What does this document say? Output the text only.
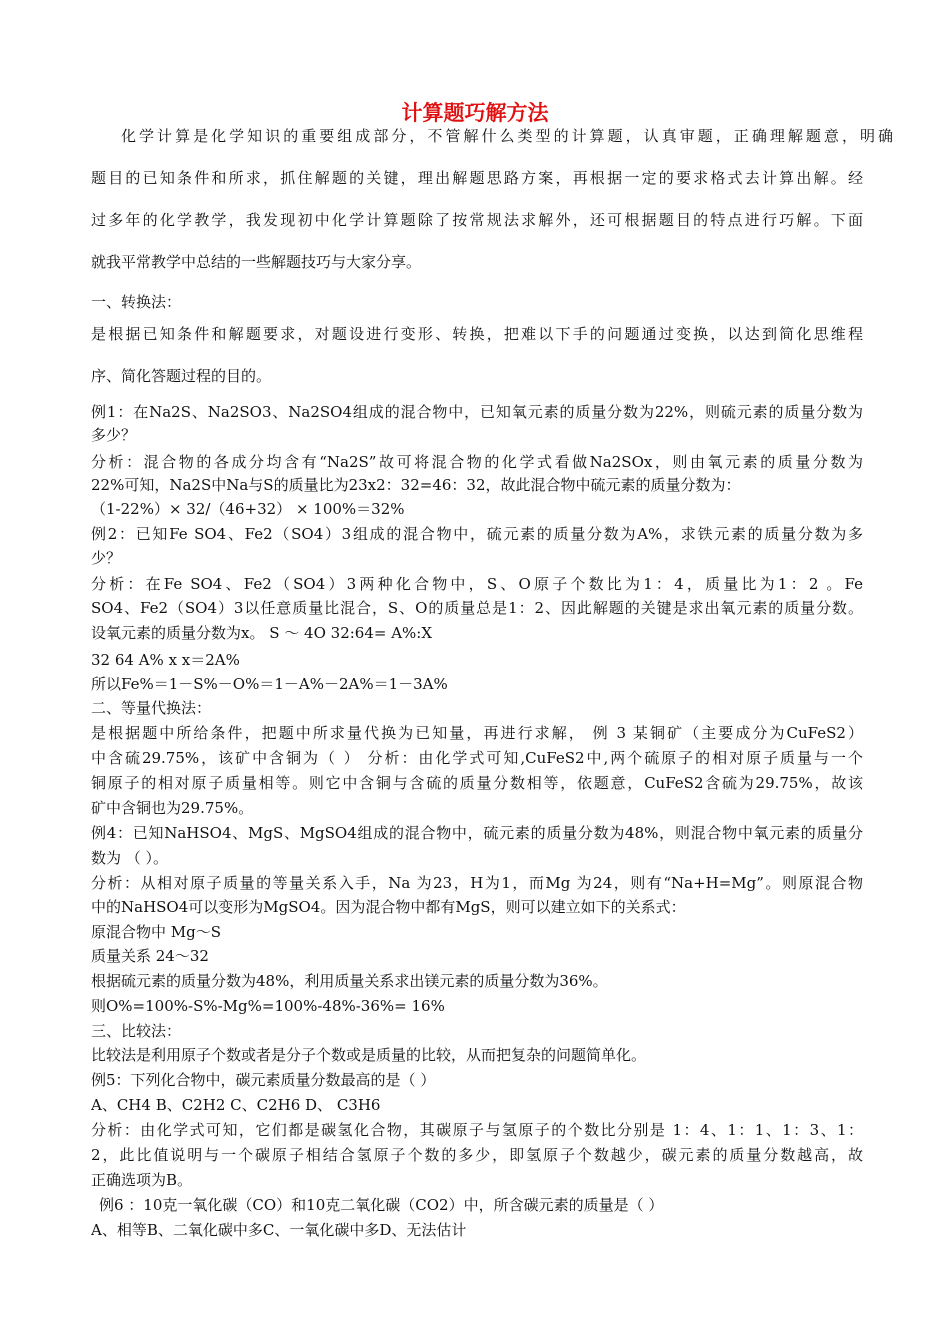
计算题巧解方法
化学计算是化学知识的重要组成部分，不管解什么类型的计算题，认真审题，正确理解题意，明确
题目的已知条件和所求，抓住解题的关键，理出解题思路方案，再根据一定的要求格式去计算出解。经
过多年的化学教学，我发现初中化学计算题除了按常规法求解外，还可根据题目的特点进行巧解。下面
就我平常教学中总结的一些解题技巧与大家分享。
一、转换法：
是根据已知条件和解题要求，对题设进行变形、转换，把难以下手的问题通过变换，以达到简化思维程
序、简化答题过程的目的。
例1：在Na2S、Na2SO3、Na2SO4组成的混合物中，已知氧元素的质量分数为22%，则硫元素的质量分数为
多少？
分析：混合物的各成分均含有“Na2S”故可将混合物的化学式看做Na2SOx，则由氧元素的质量分数为
22%可知，Na2S中Na与S的质量比为23x2：32=46：32，故此混合物中硫元素的质量分数为：
（1-22%）× 32/（46+32） × 100%＝32%
例2：已知Fe SO4、Fe2（SO4）3组成的混合物中，硫元素的质量分数为A%，求铁元素的质量分数为多
少？
分析：在Fe SO4、Fe2（SO4）3两种化合物中，S、O原子个数比为1：4，质量比为1：2 。Fe
SO4、Fe2（SO4）3以任意质量比混合，S、O的质量总是1：2、因此解题的关键是求出氧元素的质量分数。
设氧元素的质量分数为x。 S ～ 4O 32:64= A%:X
32 64 A% x x＝2A%
所以Fe%＝1－S%－O%＝1－A%－2A%＝1－3A%
二、等量代换法：
是根据题中所给条件，把题中所求量代换为已知量，再进行求解， 例 3 某铜矿（主要成分为CuFeS2）
中含硫29.75%，该矿中含铜为（ ） 分析：由化学式可知,CuFeS2中,两个硫原子的相对原子质量与一个
铜原子的相对原子质量相等。则它中含铜与含硫的质量分数相等，依题意，CuFeS2含硫为29.75%，故该
矿中含铜也为29.75%。
例4：已知NaHSO4、MgS、MgSO4组成的混合物中，硫元素的质量分数为48%，则混合物中氧元素的质量分
数为 （ ）。
分析：从相对原子质量的等量关系入手，Na 为23，H为1，而Mg 为24，则有“Na+H=Mg”。则原混合物
中的NaHSO4可以变形为MgSO4。因为混合物中都有MgS，则可以建立如下的关系式：
原混合物中 Mg～S
质量关系 24～32
根据硫元素的质量分数为48%，利用质量关系求出镁元素的质量分数为36%。
则O%=100%-S%-Mg%=100%-48%-36%= 16%
三、比较法：
比较法是利用原子个数或者是分子个数或是质量的比较，从而把复杂的问题简单化。
例5：下列化合物中，碳元素质量分数最高的是（ ）
A、CH4 B、C2H2 C、C2H6 D、 C3H6
分析：由化学式可知，它们都是碳氢化合物，其碳原子与氢原子的个数比分别是 1：4、1：1、1：3、1：
2，此比值说明与一个碳原子相结合氢原子个数的多少，即氢原子个数越少，碳元素的质量分数越高，故
正确选项为B。
例6 ：10克一氧化碳（CO）和10克二氧化碳（CO2）中，所含碳元素的质量是（ ）
A、相等B、二氧化碳中多C、一氧化碳中多D、无法估计
